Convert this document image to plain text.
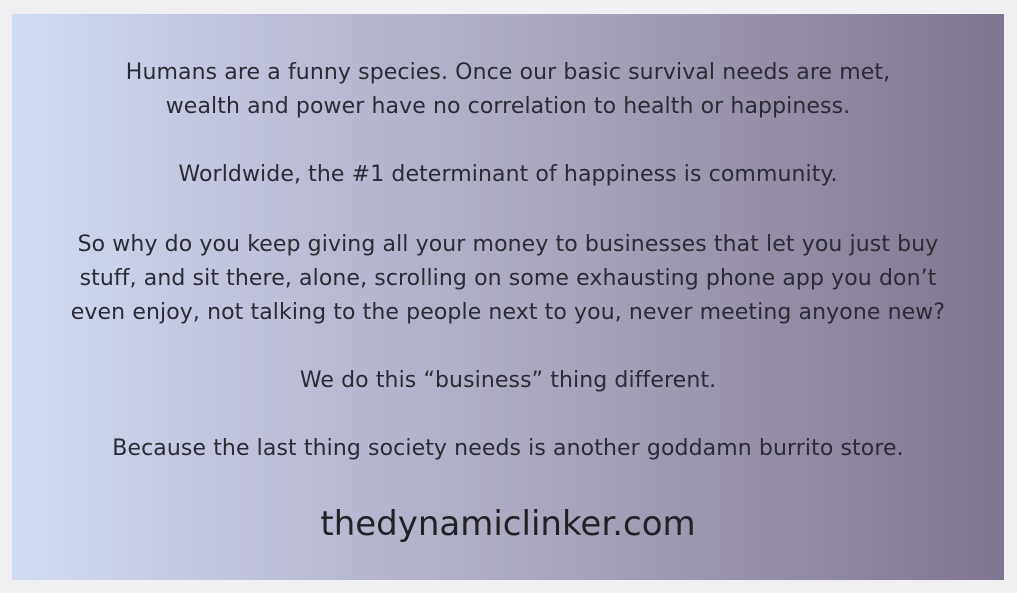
Humans are a funny species. Once our basic survival needs are met,
wealth and power have no correlation to health or happiness.

Worldwide, the #1 determinant of happiness is community.

So why do you keep giving all your money to businesses that let you just buy
stuff, and sit there, alone, scrolling on some exhausting phone app you don’t
even enjoy, not talking to the people next to you, never meeting anyone new?

We do this “business” thing different.

Because the last thing society needs is another goddamn burrito store.

thedynamiclinker.com
